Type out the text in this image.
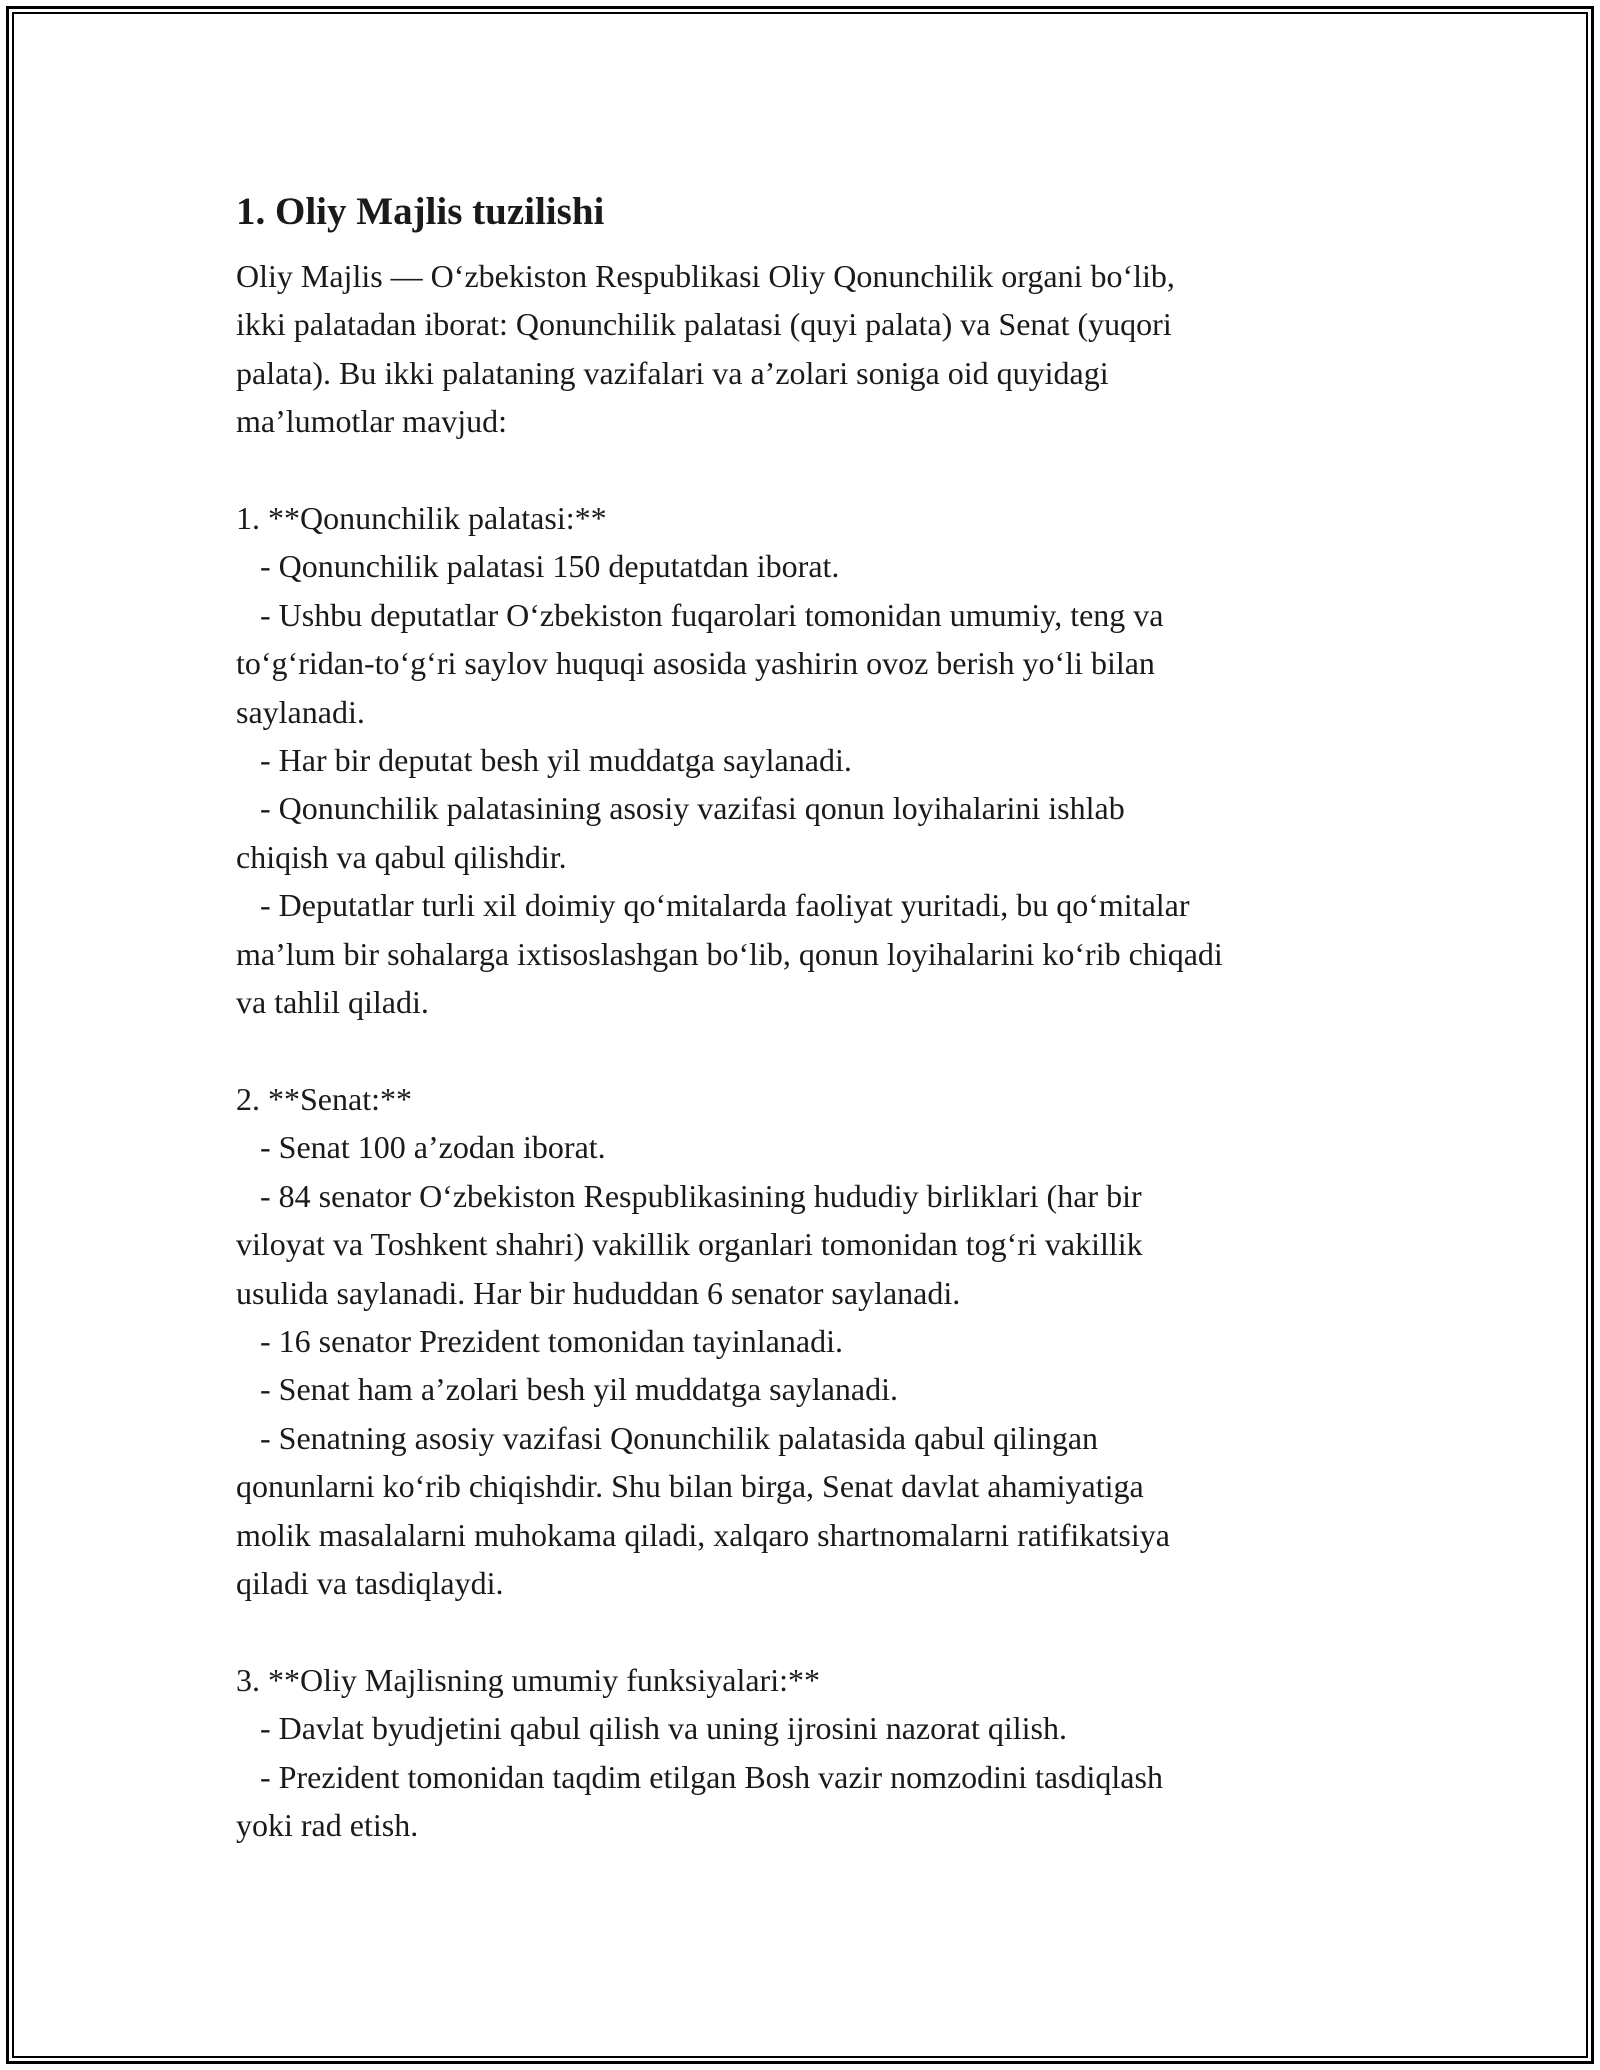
1. Oliy Majlis tuzilishi

Oliy Majlis — O‘zbekiston Respublikasi Oliy Qonunchilik organi bo‘lib,
ikki palatadan iborat: Qonunchilik palatasi (quyi palata) va Senat (yuqori
palata). Bu ikki palataning vazifalari va a’zolari soniga oid quyidagi
ma’lumotlar mavjud:

1. **Qonunchilik palatasi:**
- Qonunchilik palatasi 150 deputatdan iborat.
- Ushbu deputatlar O‘zbekiston fuqarolari tomonidan umumiy, teng va
to‘g‘ridan-to‘g‘ri saylov huquqi asosida yashirin ovoz berish yo‘li bilan
saylanadi.
- Har bir deputat besh yil muddatga saylanadi.
- Qonunchilik palatasining asosiy vazifasi qonun loyihalarini ishlab
chiqish va qabul qilishdir.
- Deputatlar turli xil doimiy qo‘mitalarda faoliyat yuritadi, bu qo‘mitalar
ma’lum bir sohalarga ixtisoslashgan bo‘lib, qonun loyihalarini ko‘rib chiqadi
va tahlil qiladi.

2. **Senat:**
- Senat 100 a’zodan iborat.
- 84 senator O‘zbekiston Respublikasining hududiy birliklari (har bir
viloyat va Toshkent shahri) vakillik organlari tomonidan tog‘ri vakillik
usulida saylanadi. Har bir hududdan 6 senator saylanadi.
- 16 senator Prezident tomonidan tayinlanadi.
- Senat ham a’zolari besh yil muddatga saylanadi.
- Senatning asosiy vazifasi Qonunchilik palatasida qabul qilingan
qonunlarni ko‘rib chiqishdir. Shu bilan birga, Senat davlat ahamiyatiga
molik masalalarni muhokama qiladi, xalqaro shartnomalarni ratifikatsiya
qiladi va tasdiqlaydi.

3. **Oliy Majlisning umumiy funksiyalari:**
- Davlat byudjetini qabul qilish va uning ijrosini nazorat qilish.
- Prezident tomonidan taqdim etilgan Bosh vazir nomzodini tasdiqlash
yoki rad etish.
